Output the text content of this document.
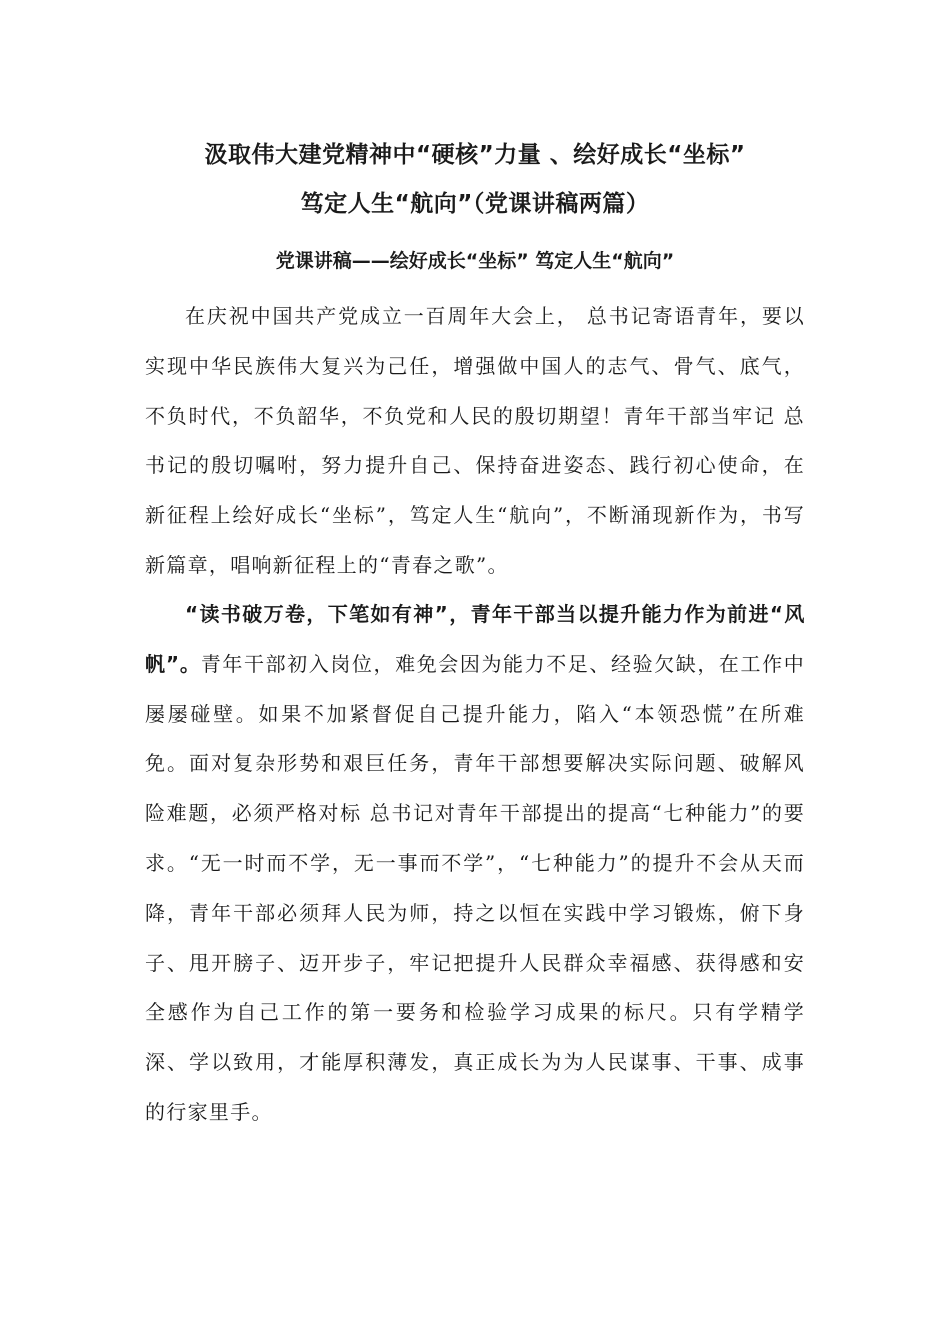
汲取伟大建党精神中“硬核”力量 、绘好成长“坐标”
笃定人生“航向”（党课讲稿两篇）
党课讲稿——绘好成长“坐标” 笃定人生“航向”

在庆祝中国共产党成立一百周年大会上， 总书记寄语青年，要以实现中华民族伟大复兴为己任，增强做中国人的志气、骨气、底气，不负时代，不负韶华，不负党和人民的殷切期望！青年干部当牢记 总书记的殷切嘱咐，努力提升自己、保持奋进姿态、践行初心使命，在新征程上绘好成长“坐标”，笃定人生“航向”，不断涌现新作为，书写新篇章，唱响新征程上的“青春之歌”。

“读书破万卷，下笔如有神”，青年干部当以提升能力作为前进“风帆”。青年干部初入岗位，难免会因为能力不足、经验欠缺，在工作中屡屡碰壁。如果不加紧督促自己提升能力，陷入“本领恐慌”在所难免。面对复杂形势和艰巨任务，青年干部想要解决实际问题、破解风险难题，必须严格对标 总书记对青年干部提出的提高“七种能力”的要求。“无一时而不学，无一事而不学”，“七种能力”的提升不会从天而降，青年干部必须拜人民为师，持之以恒在实践中学习锻炼，俯下身子、甩开膀子、迈开步子，牢记把提升人民群众幸福感、获得感和安全感作为自己工作的第一要务和检验学习成果的标尺。只有学精学深、学以致用，才能厚积薄发，真正成长为为人民谋事、干事、成事的行家里手。
